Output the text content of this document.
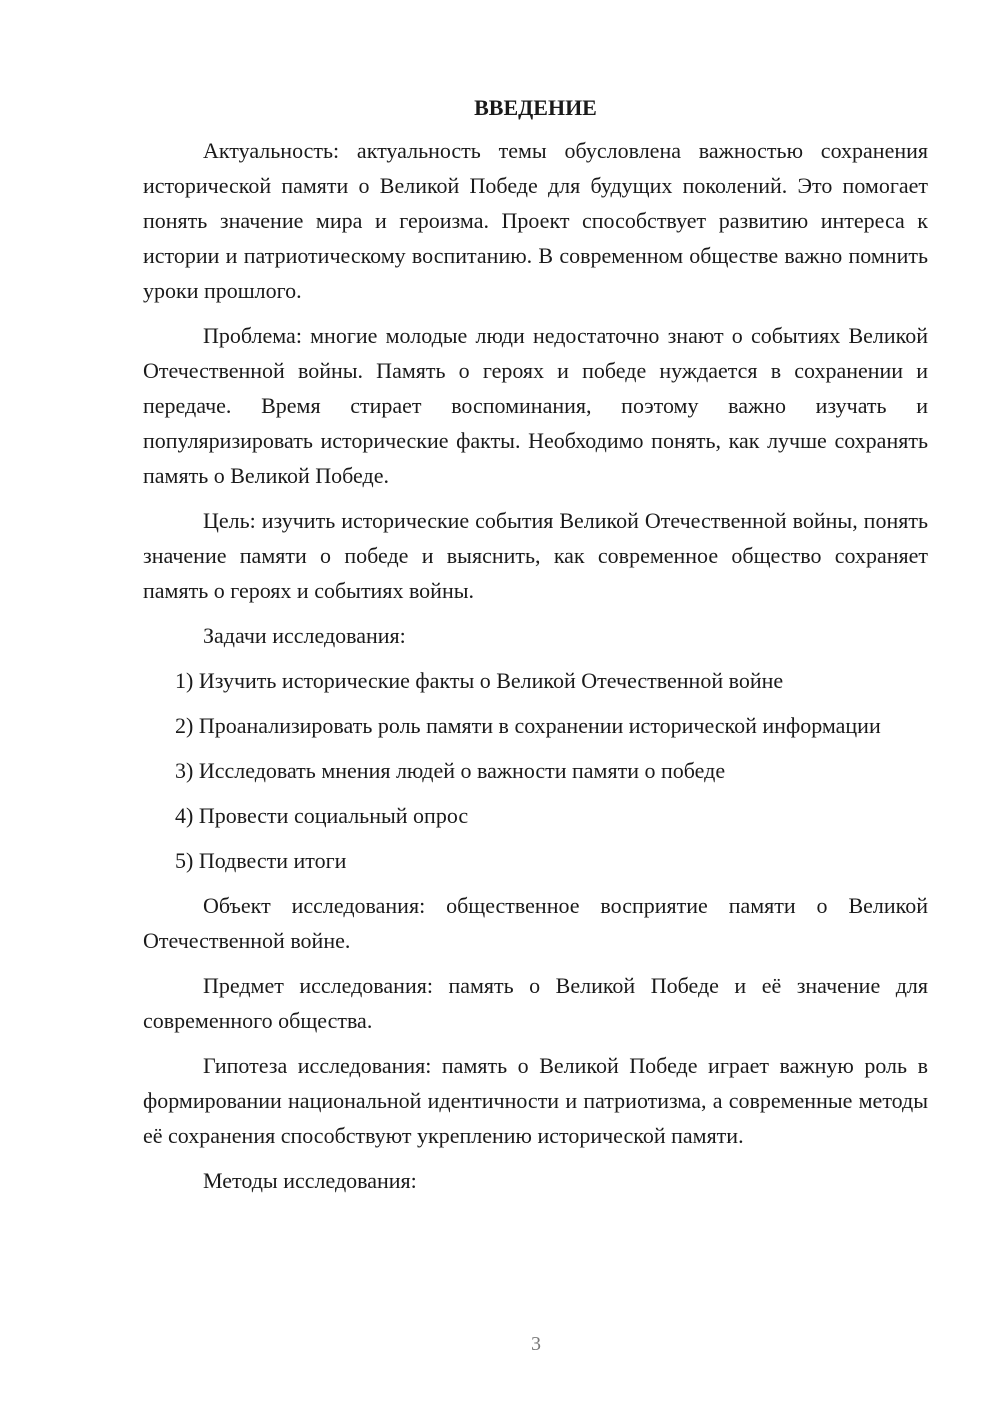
ВВЕДЕНИЕ

Актуальность: актуальность темы обусловлена важностью сохранения исторической памяти о Великой Победе для будущих поколений. Это помогает понять значение мира и героизма. Проект способствует развитию интереса к истории и патриотическому воспитанию. В современном обществе важно помнить уроки прошлого.

Проблема: многие молодые люди недостаточно знают о событиях Великой Отечественной войны. Память о героях и победе нуждается в сохранении и передаче. Время стирает воспоминания, поэтому важно изучать и популяризировать исторические факты. Необходимо понять, как лучше сохранять память о Великой Победе.

Цель: изучить исторические события Великой Отечественной войны, понять значение памяти о победе и выяснить, как современное общество сохраняет память о героях и событиях войны.

Задачи исследования:

1) Изучить исторические факты о Великой Отечественной войне

2) Проанализировать роль памяти в сохранении исторической информации

3) Исследовать мнения людей о важности памяти о победе

4) Провести социальный опрос

5) Подвести итоги

Объект исследования: общественное восприятие памяти о Великой Отечественной войне.

Предмет исследования: память о Великой Победе и её значение для современного общества.

Гипотеза исследования: память о Великой Победе играет важную роль в формировании национальной идентичности и патриотизма, а современные методы её сохранения способствуют укреплению исторической памяти.

Методы исследования:

3
